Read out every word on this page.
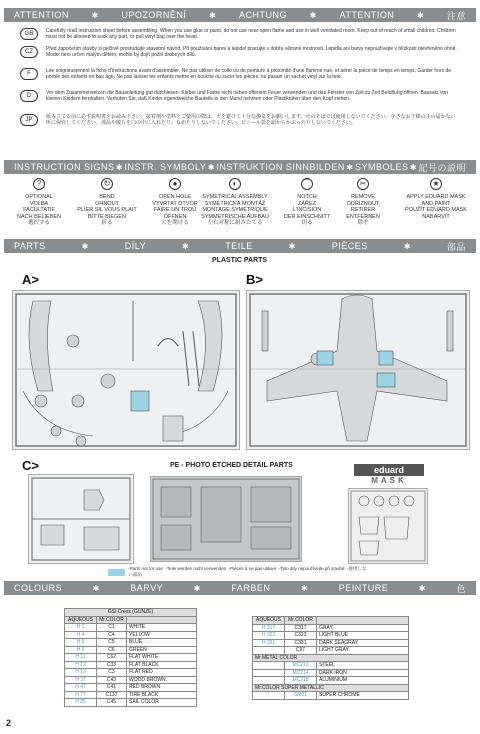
ATTENTION	✱	UPOZORNĚNÍ	✱	ACHTUNG	✱	ATTENTION	✱	注意
GB	Carefully read instruction sheet before assembling. When you use glue or paint, do not use near open flame and use in well ventilated room. Keep out of reach of small children. Children must not be allowed to suck any part, or pull vinyl bag over the head.
CZ	Před započetím stavby si pečlivě prostudujte stavební návod. Při používání barev a lepidel pracujte v dobře větrané místnosti. Lepidla ani barvy nepoužívejte v blízkosti otevřeného ohně. Model není určen malým dětem, mohlo by dojít požití drobných dílů.
F	Lire soigneusement la fiche d'instructions avant d'assembler. Ne pas utiliser de colle ou de peinture à proximité d'une flamme nue, et aérer la pièce de temps en temps. Garder hors de portée des enfants en bas âge. Ne pas laisser les enfants mettre en bouche ou sucer les pièces, ou passer un sachet vinyl sur la tete.
D	Vor dem Zusammensetzen die Bauanleitung gut durchlesen. Kleber und Farbe nicht neben offenem Feuer verwenden und das Fenster von Zeit zu Zeit Belüftung öffnen. Bausatz von kleinen Kindern fernhalten. Verhüten Sie, daß Kinder irgendwelche Bauteile in den Mund nehmen oder Plastiktüten über den Kopf ziehen.
JP	組み立てる前に必ず説明書をお読み下さい。接着剤や塗料をご使用の際は、火を避けて十分な換気をお願いします。火のそばでは使用しないでください。小さなお子様の手の届かない所に保管してください。部品や破片を口の中に入れたり、なめたりしないでください。ビニール袋を頭からかぶったりしないでください。
INSTRUCTION SIGNS ✱ INSTR. SYMBOLY ✱ INSTRUKTION SINNBILDEN ✱ SYMBOLES ✱ 記号の説明
?
OPTIONAL
VOLBA
FACULTATIF
NACH BELIEBEN
選択する
↻
BEND
OHNOUT
PLIER SIL VOUS PLAIT
BITTE BIEGEN
折る
●
OPEN HOLE
VYVRTAT OTVOR
FAIRE UN TROU
ÖFFNEN
穴を開ける
◐
SYMETRICAL ASSEMBLY
SYMETRICKÁ MONTÁŽ
MONTAGE SYMÉTRIQUE
SYMMETRISCHE AUFBAU
左右対称に組みたてる
⌒
NOTCH
ZÁŘEZ
L'INCISION
DER EINSCHNITT
切る
✂
REMOVE
ODŘÍZNOUT
RETIRER
ENTFERNEN
除ぞ
★
APPLY EDUARD MASK
AND PAINT
POUŽÍT EDUARD MASK
NABARVIT
PARTS	✱	DÍLY	✱	TEILE	✱	PIÈCES	✱	部品
PLASTIC PARTS
A>	B>
C>	PE - PHOTO ETCHED DETAIL PARTS	eduard
MASK
-Parts not for use. -Teile werden nicht verwenden. -Pièces à ne pas utiliser. -Tyto díly nepoužívejte při stavbě. -使用しない部品
COLOURS	✱	BARVY	✱	FARBEN	✱	PEINTURE	✱	色
GSi Creos (GUNZE)		
AQUEOUS	Mr.COLOR	
H 1	C1	WHITE
H 4	C4	YELLOW
H 5	C5	BLUE
H 6	C6	GREEN
H 11	C62	FLAT WHITE
H 12	C33	FLAT BLACK
H 13	C3	FLAT RED
H 37	C43	WOOD BROWN
H 47	C41	RED BROWN
H 77	C137	TIRE BLACK
H 85	C45	SAIL COLOR
AQUEOUS	Mr.COLOR	
H 317	C317	GRAY
H 323	C323	LIGHT BLUE
H 331	C331	DARK SEAGRAY
	C97	LIGHT GRAY
Mr.METAL COLOR		
	MC213	STEEL
	MC214	DARK IRON
	MC218	ALUMINIUM
Mr.COLOR SUPER METALLIC		
	SM01	SUPER CHROME
2
